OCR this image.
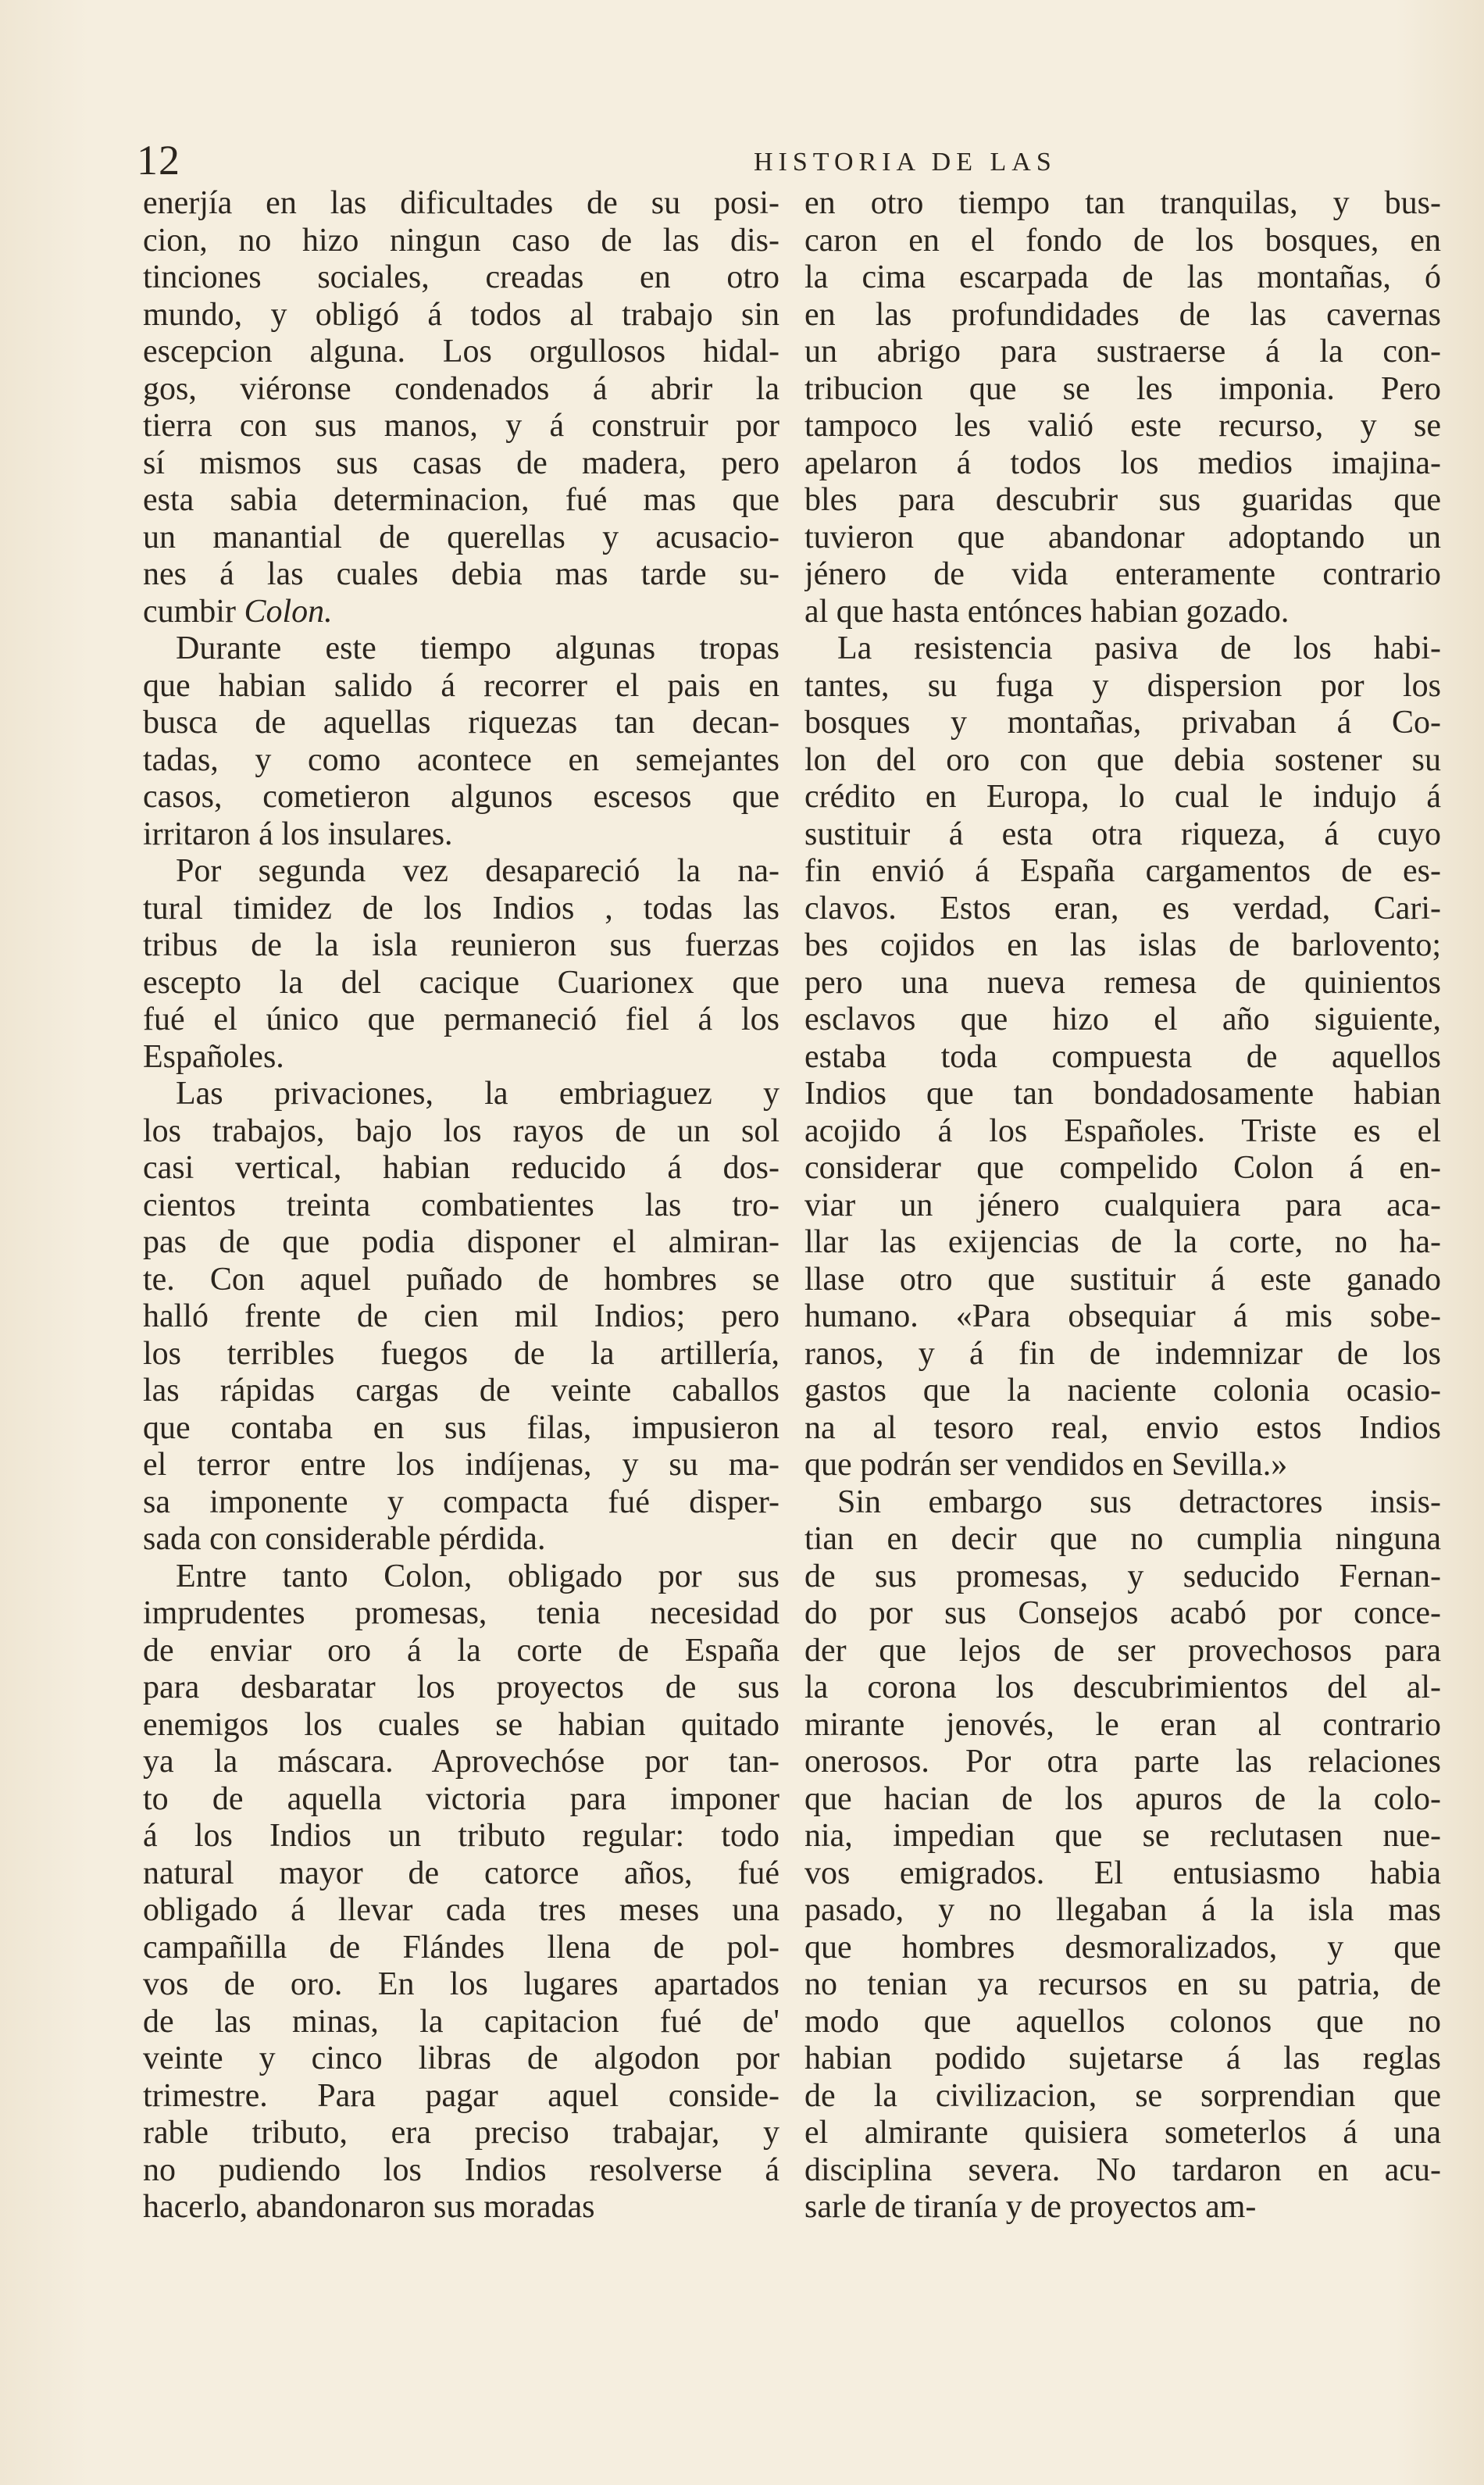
12	HISTORIA DE LAS
enerjía en las dificultades de su posi-
cion, no hizo ningun caso de las dis-
tinciones sociales, creadas en otro
mundo, y obligó á todos al trabajo sin
escepcion alguna. Los orgullosos hidal-
gos, viéronse condenados á abrir la
tierra con sus manos, y á construir por
sí mismos sus casas de madera, pero
esta sabia determinacion, fué mas que
un manantial de querellas y acusacio-
nes á las cuales debia mas tarde su-
cumbir Colon.
Durante este tiempo algunas tropas
que habian salido á recorrer el pais en
busca de aquellas riquezas tan decan-
tadas, y como acontece en semejantes
casos, cometieron algunos escesos que
irritaron á los insulares.
Por segunda vez desapareció la na-
tural timidez de los Indios , todas las
tribus de la isla reunieron sus fuerzas
escepto la del cacique Cuarionex que
fué el único que permaneció fiel á los
Españoles.
Las privaciones, la embriaguez y
los trabajos, bajo los rayos de un sol
casi vertical, habian reducido á dos-
cientos treinta combatientes las tro-
pas de que podia disponer el almiran-
te. Con aquel puñado de hombres se
halló frente de cien mil Indios; pero
los terribles fuegos de la artillería,
las rápidas cargas de veinte caballos
que contaba en sus filas, impusieron
el terror entre los indíjenas, y su ma-
sa imponente y compacta fué disper-
sada con considerable pérdida.
Entre tanto Colon, obligado por sus
imprudentes promesas, tenia necesidad
de enviar oro á la corte de España
para desbaratar los proyectos de sus
enemigos los cuales se habian quitado
ya la máscara. Aprovechóse por tan-
to de aquella victoria para imponer
á los Indios un tributo regular: todo
natural mayor de catorce años, fué
obligado á llevar cada tres meses una
campañilla de Flándes llena de pol-
vos de oro. En los lugares apartados
de las minas, la capitacion fué de'
veinte y cinco libras de algodon por
trimestre. Para pagar aquel conside-
rable tributo, era preciso trabajar, y
no pudiendo los Indios resolverse á
hacerlo, abandonaron sus moradas
en otro tiempo tan tranquilas, y bus-
caron en el fondo de los bosques, en
la cima escarpada de las montañas, ó
en las profundidades de las cavernas
un abrigo para sustraerse á la con-
tribucion que se les imponia. Pero
tampoco les valió este recurso, y se
apelaron á todos los medios imajina-
bles para descubrir sus guaridas que
tuvieron que abandonar adoptando un
jénero de vida enteramente contrario
al que hasta entónces habian gozado.
La resistencia pasiva de los habi-
tantes, su fuga y dispersion por los
bosques y montañas, privaban á Co-
lon del oro con que debia sostener su
crédito en Europa, lo cual le indujo á
sustituir á esta otra riqueza, á cuyo
fin envió á España cargamentos de es-
clavos. Estos eran, es verdad, Cari-
bes cojidos en las islas de barlovento;
pero una nueva remesa de quinientos
esclavos que hizo el año siguiente,
estaba toda compuesta de aquellos
Indios que tan bondadosamente habian
acojido á los Españoles. Triste es el
considerar que compelido Colon á en-
viar un jénero cualquiera para aca-
llar las exijencias de la corte, no ha-
llase otro que sustituir á este ganado
humano. «Para obsequiar á mis sobe-
ranos, y á fin de indemnizar de los
gastos que la naciente colonia ocasio-
na al tesoro real, envio estos Indios
que podrán ser vendidos en Sevilla.»
Sin embargo sus detractores insis-
tian en decir que no cumplia ninguna
de sus promesas, y seducido Fernan-
do por sus Consejos acabó por conce-
der que lejos de ser provechosos para
la corona los descubrimientos del al-
mirante jenovés, le eran al contrario
onerosos. Por otra parte las relaciones
que hacian de los apuros de la colo-
nia, impedian que se reclutasen nue-
vos emigrados. El entusiasmo habia
pasado, y no llegaban á la isla mas
que hombres desmoralizados, y que
no tenian ya recursos en su patria, de
modo que aquellos colonos que no
habian podido sujetarse á las reglas
de la civilizacion, se sorprendian que
el almirante quisiera someterlos á una
disciplina severa. No tardaron en acu-
sarle de tiranía y de proyectos am-
